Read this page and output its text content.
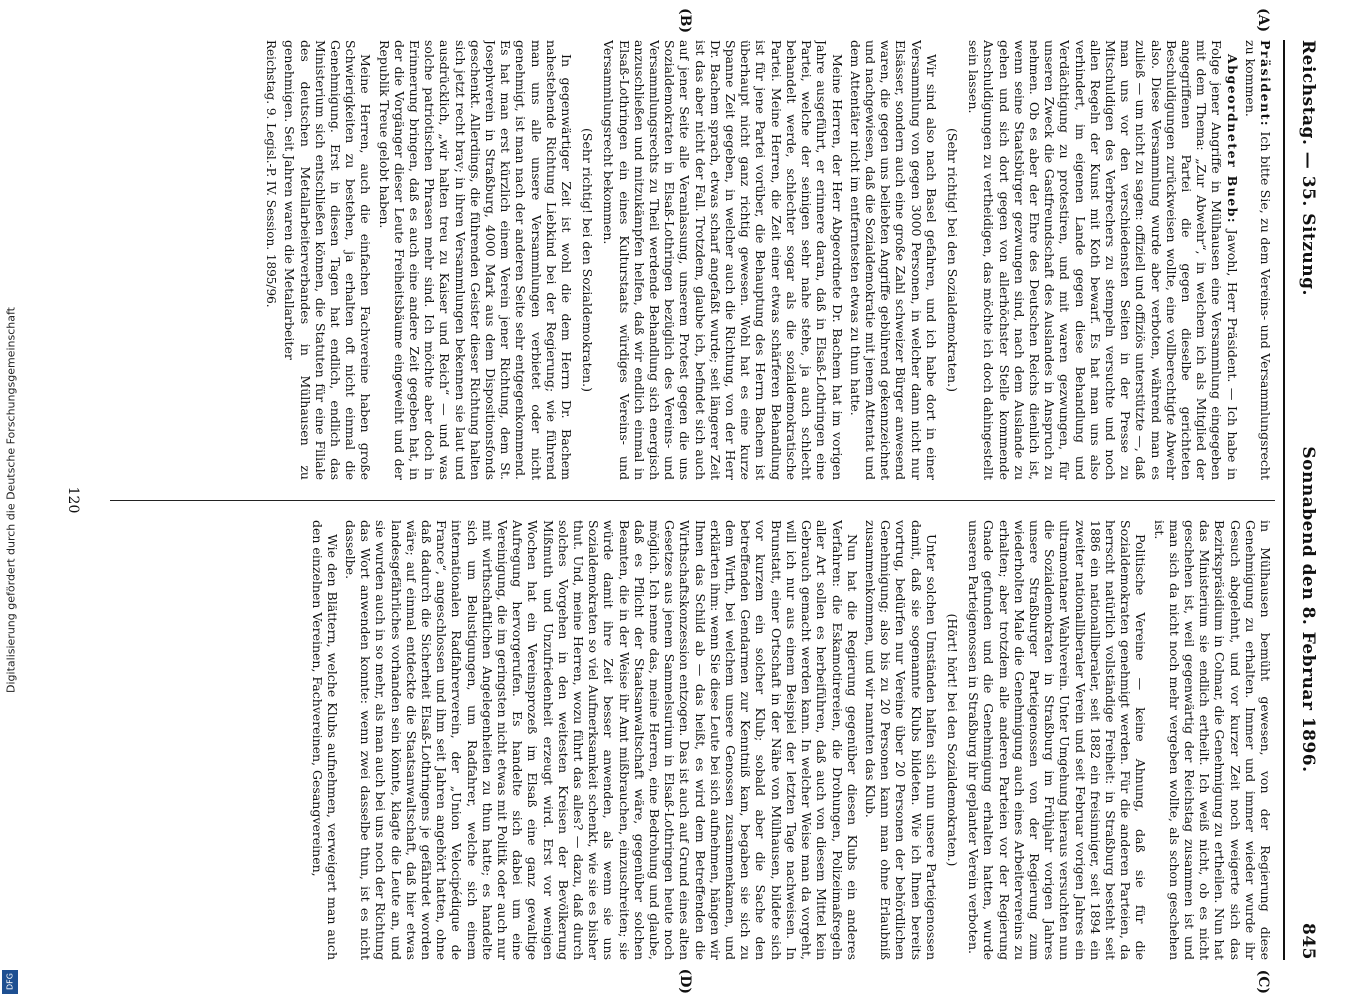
Digitalisierung gefördert durch die Deutsche Forschungsgemeinschaft
DFG
Reichstag. — 35. Sitzung.
Sonnabend den 8. Februar 1896.
845
(A)
(B)
(C)
(D)

Präsident: Ich bitte Sie, zu dem Vereins- und Versammlungsrecht zu kommen.

Abgeordneter Bueb: Jawohl, Herr Präsident. — Ich habe in Folge jener Angriffe in Mülhausen eine Versammlung eingegeben mit dem Thema: „Zur Abwehr“, in welchem ich als Mitglied der angegriffenen Partei die gegen dieselbe gerichteten Beschuldigungen zurückweisen wollte, eine vollberechtigte Abwehr also. Diese Versammlung wurde aber verboten, während man es zuließ — um nicht zu sagen: offiziell und offiziös unterstützte —, daß man uns vor den verschiedensten Seiten in der Presse zu Mitschuldigen des Verbrechers zu stempeln versuchte und noch allen Regeln der Kunst mit Koth bewarf. Es hat man uns also verhindert, im eigenen Lande gegen diese Behandlung und Verdächtigung zu protestiren, und mit waren gezwungen, für unseren Zweck die Gastfreundschaft des Auslandes in Anspruch zu nehmen. Ob es aber der Ehre des Deutschen Reichs dienlich ist, wenn seine Staatsbürger gezwungen sind, nach dem Auslande zu gehen und sich dort gegen von allerhöchster Stelle kommende Anschuldigungen zu vertheidigen, das möchte ich doch dahingestellt sein lassen.

(Sehr richtig! bei den Sozialdemokraten.)

Wir sind also nach Basel gefahren, und ich habe dort in einer Versammlung von gegen 3000 Personen, in welcher dann nicht nur Elsässer, sondern auch eine große Zahl schweizer Bürger anwesend waren, die gegen uns beliebten Angriffe gebührend gekennzeichnet und nachgewiesen, daß die Sozialdemokratie mit jenem Attentat und dem Attentäter nicht im entferntesten etwas zu thun hatte.

Meine Herren, der Herr Abgeordnete Dr. Bachem hat im vorigen Jahre ausgeführt, er erinnere daran, daß in Elsaß-Lothringen eine Partei, welche der seinigen sehr nahe stehe, ja auch schlecht behandelt werde, schlechter sogar als die sozialdemokratische Partei. Meine Herren, die Zeit einer etwas schärferen Behandlung ist für jene Partei vorüber, die Behauptung des Herrn Bachem ist überhaupt nicht ganz richtig gewesen. Wohl hat es eine kurze Spanne Zeit gegeben, in welcher auch die Richtung, von der Herr Dr. Bachem sprach, etwas scharf angefaßt wurde; seit längerer Zeit ist das aber nicht der Fall. Trotzdem, glaube ich, befindet sich auch auf jener Seite alle Veranlassung, unserem Protest gegen die uns Sozialdemokraten in Elsaß-Lothringen bezüglich des Vereins- und Versammlungsrechts zu Theil werdende Behandlung sich energisch anzuschließen und mitzukämpfen helfen, daß wir endlich einmal in Elsaß-Lothringen ein eines Kulturstaats würdiges Vereins- und Versammlungsrecht bekommen.

(Sehr richtig! bei den Sozialdemokraten.)

In gegenwärtiger Zeit ist wohl die dem Herrn Dr. Bachem nahestehende Richtung Liebkind bei der Regierung; wie führend man uns alle unsere Versammlungen verbietet oder nicht genehmigt, ist man nach der anderen Seite sehr entgegenkommend. Es hat man erst kürzlich einem Verein jener Richtung, dem St. Josephverein in Straßburg, 4000 Mark aus dem Dispositionsfonds geschenkt. Allerdings, die führenden Geister dieser Richtung halten sich jetzt recht brav; in ihren Versammlungen bekennen sie laut und ausdrücklich, „wir halten treu zu Kaiser und Reich“ — und was solche patriotischen Phrasen mehr sind. Ich möchte aber doch in Erinnerung bringen, daß es auch eine andere Zeit gegeben hat, in der die Vorgänger dieser Leute Freiheitsbäume eingeweiht und der Republik Treue gelobt haben.

Meine Herren, auch die einfachen Fachvereine haben große Schwierigkeiten zu bestehen, ja erhalten oft nicht einmal die Genehmigung. Erst in diesen Tagen hat endlich, endlich das Ministerium sich entschließen können, die Statuten für eine Filiale des deutschen Metallarbeiterverbandes in Mülhausen zu genehmigen. Seit Jahren waren die Metallarbeiter

Reichstag. 9. Legisl.-P. IV. Session. 1895/96.

in Mülhausen bemüht gewesen, von der Regierung diese Genehmigung zu erhalten. Immer und immer wieder wurde ihr Gesuch abgelehnt, und vor kurzer Zeit noch weigerte sich das Bezirkspräsidium in Colmar, die Genehmigung zu ertheilen. Nun hat das Ministerium sie endlich ertheilt. Ich weiß nicht, ob es nicht geschehen ist, weil gegenwärtig der Reichstag zusammen ist und man sich da nicht noch mehr vergeben wollte, als schon geschehen ist.

Politische Vereine — keine Ahnung, daß sie für die Sozialdemokraten genehmigt werden. Für die anderen Parteien, da herrscht natürlich vollständige Freiheit: in Straßburg besteht seit 1886 ein nationalliberaler, seit 1882 ein freisinniger, seit 1894 ein zweiter nationalliberaler Verein und seit Februar vorigen Jahres ein ultramontaner Wahlverein. Unter Umgehung hieraus versuchten nun die Sozialdemokraten in Straßburg im Frühjahr vorigen Jahres unsere Straßburger Parteigenossen von der Regierung zum wiederholten Male die Genehmigung auch eines Arbeitervereins zu erhalten; aber trotzdem alle anderen Parteien vor der Regierung Gnade gefunden und die Genehmigung erhalten hatten, wurde unseren Parteigenossen in Straßburg ihr geplanter Verein verboten.

(Hört! hört! bei den Sozialdemokraten.)

Unter solchen Umständen halfen sich nun unsere Parteigenossen damit, daß sie sogenannte Klubs bildeten. Wie ich Ihnen bereits vortrug, bedürfen nur Vereine über 20 Personen der behördlichen Genehmigung; also bis zu 20 Personen kann man ohne Erlaubniß zusammenkommen, und wir nannten das Klub.

Nun hat die Regierung gegenüber diesen Klubs ein anderes Verfahren: die Eskamotirereien, die Drohungen, Polizeimaßregeln aller Art sollen es herbeiführen, daß auch von diesem Mittel kein Gebrauch gemacht werden kann. In welcher Weise man da vorgeht, will ich nur aus einem Beispiel der letzten Tage nachweisen. In Brunstatt, einer Ortschaft in der Nähe von Mülhausen, bildete sich vor kurzem ein solcher Klub; sobald aber die Sache den betreffenden Gendarmen zur Kenntniß kam, begaben sie sich zu dem Wirth, bei welchem unsere Genossen zusammenkamen, und erklärten ihm: wenn Sie diese Leute bei sich aufnehmen, hängen wir Ihnen das Schild ab — das heißt, es wird dem Betreffenden die Wirthschaftskonzession entzogen. Das ist auch auf Grund eines alten Gesetzes aus jenem Sammelsurium in Elsaß-Lothringen heute noch möglich. Ich nenne das, meine Herren, eine Bedrohung und glaube, daß es Pflicht der Staatsanwaltschaft wäre, gegenüber solchen Beamten, die in der Weise ihr Amt mißbrauchen, einzuschreiten; sie würde damit ihre Zeit besser anwenden, als wenn sie uns Sozialdemokraten so viel Aufmerksamkeit schenkt, wie sie es bisher thut. Und, meine Herren, wozu führt das alles? — dazu, daß durch solches Vorgehen in den weitesten Kreisen der Bevölkerung Mißmuth und Unzufriedenheit erzeugt wird. Erst vor wenigen Wochen hat ein Vereinsprozeß im Elsaß eine ganz gewaltige Aufregung hervorgerufen. Es handelte sich dabei um eine Vereinigung, die im geringsten nicht etwas mit Politik oder auch nur mit wirthschaftlichen Angelegenheiten zu thun hatte; es handelte sich um Belustigungen, um Radfahrer, welche sich einem internationalen Radfahrerverein, der „Union Velocipédique de France“, angeschlossen und ihm seit Jahren angehört hatten, ohne daß dadurch die Sicherheit Elsaß-Lothringens je gefährdet worden wäre; auf einmal entdeckte die Staatsanwaltschaft, daß hier etwas landesgefährliches vorhanden sein könnte, klagte die Leute an, und sie wurden auch in so mehr, als man auch bei uns noch der Richtung das Wort anwenden konnte: wenn zwei dasselbe thun, ist es nicht dasselbe.

Wie den Blättern, welche Klubs aufnehmen, verweigert man auch den einzelnen Vereinen, Fachvereinen, Gesangvereinen,

120
